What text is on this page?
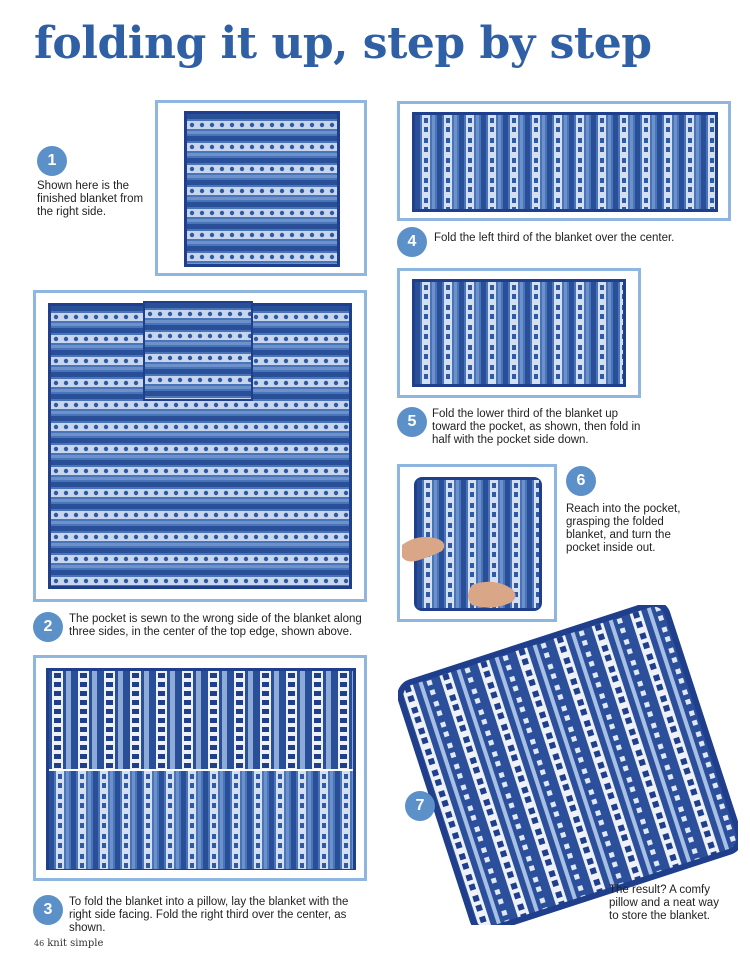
folding it up, step by step
1
Shown here is the finished blanket from the right side.
2	The pocket is sewn to the wrong side of the blanket along three sides, in the center of the top edge, shown above.
3	To fold the blanket into a pillow, lay the blanket with the right side facing. Fold the right third over the center, as shown.
4	Fold the left third of the blanket over the center.
5	Fold the lower third of the blanket up toward the pocket, as shown, then fold in half with the pocket side down.
6
Reach into the pocket, grasping the folded blanket, and turn the pocket inside out.
7
The result? A comfy pillow and a neat way to store the blanket.
46 knit simple
